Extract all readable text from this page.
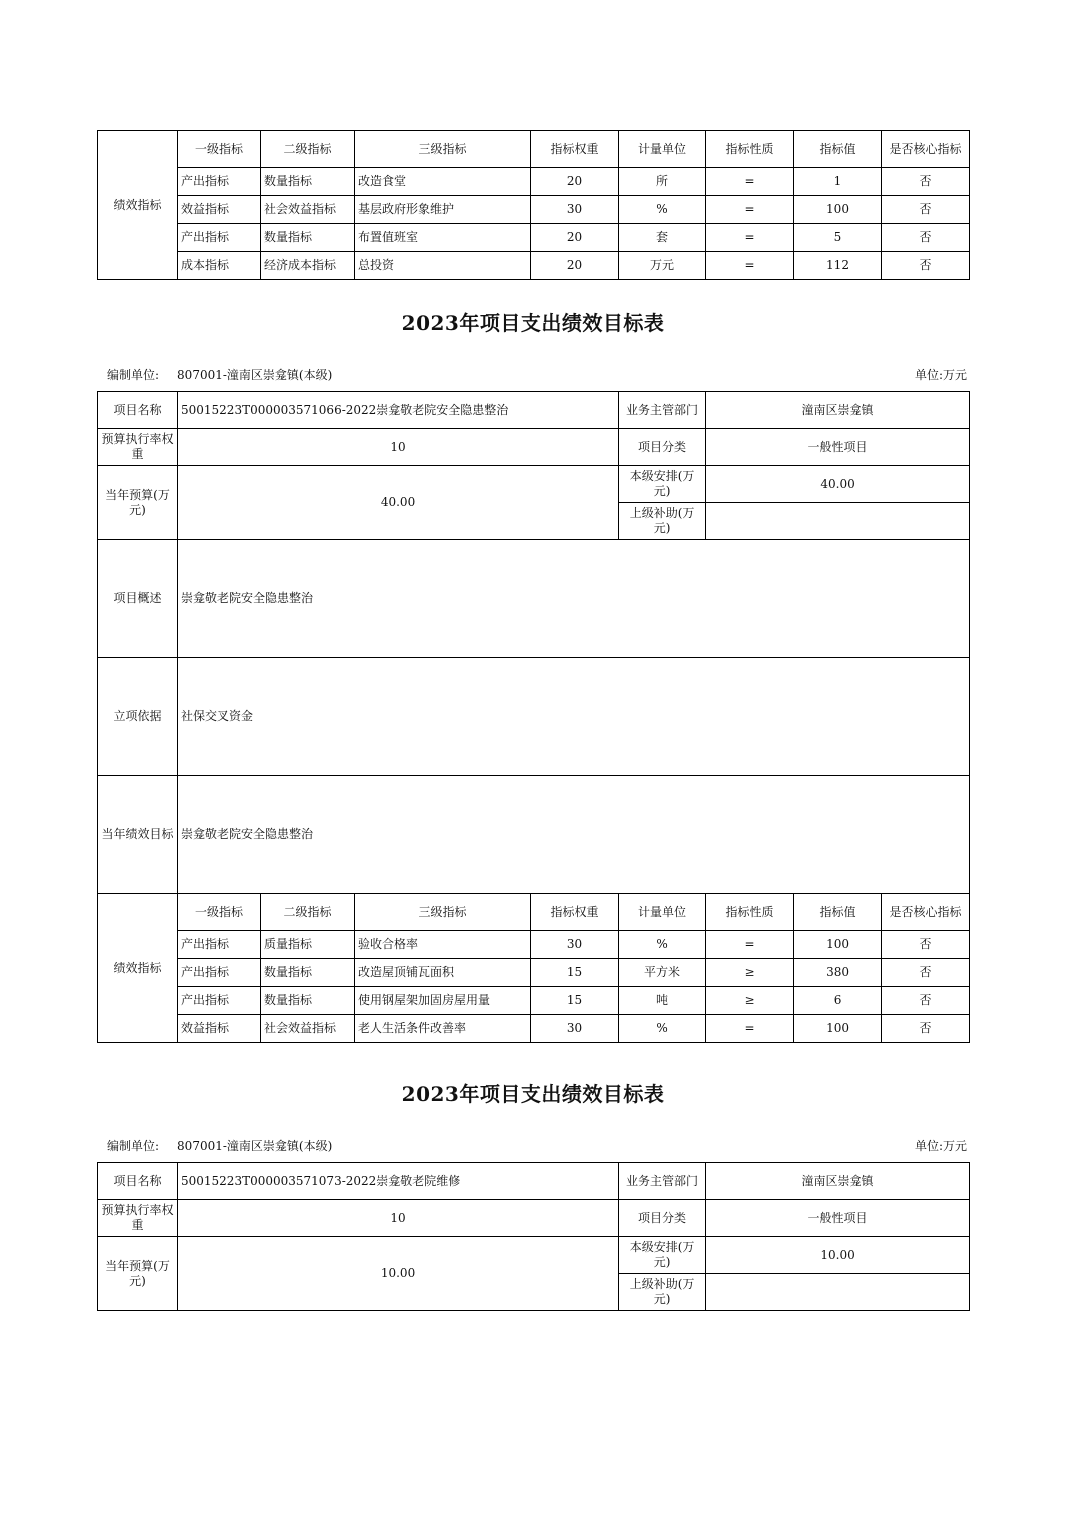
绩效指标	一级指标	二级指标	三级指标	指标权重	计量单位	指标性质	指标值	是否核心指标
	产出指标	数量指标	改造食堂	20	所	=	1	否
	效益指标	社会效益指标	基层政府形象维护	30	%	=	100	否
	产出指标	数量指标	布置值班室	20	套	=	5	否
	成本指标	经济成本指标	总投资	20	万元	=	112	否
2023年项目支出绩效目标表
编制单位: 807001-潼南区崇龛镇(本级)	单位:万元
项目名称	50015223T000003571066-2022崇龛敬老院安全隐患整治				业务主管部门	潼南区崇龛镇		
预算执行率权重	10				项目分类	一般性项目		
当年预算(万元)	40.00				本级安排(万元)	40.00		
					上级补助(万元)			
项目概述	崇龛敬老院安全隐患整治							
立项依据	社保交叉资金							
当年绩效目标	崇龛敬老院安全隐患整治							
绩效指标	一级指标	二级指标	三级指标	指标权重	计量单位	指标性质	指标值	是否核心指标
	产出指标	质量指标	验收合格率	30	%	=	100	否
	产出指标	数量指标	改造屋顶铺瓦面积	15	平方米	≥	380	否
	产出指标	数量指标	使用钢屋架加固房屋用量	15	吨	≥	6	否
	效益指标	社会效益指标	老人生活条件改善率	30	%	=	100	否
2023年项目支出绩效目标表
编制单位: 807001-潼南区崇龛镇(本级)	单位:万元
项目名称	50015223T000003571073-2022崇龛敬老院维修	业务主管部门	潼南区崇龛镇
预算执行率权重	10	项目分类	一般性项目
当年预算(万元)	10.00	本级安排(万元)	10.00
		上级补助(万元)	
